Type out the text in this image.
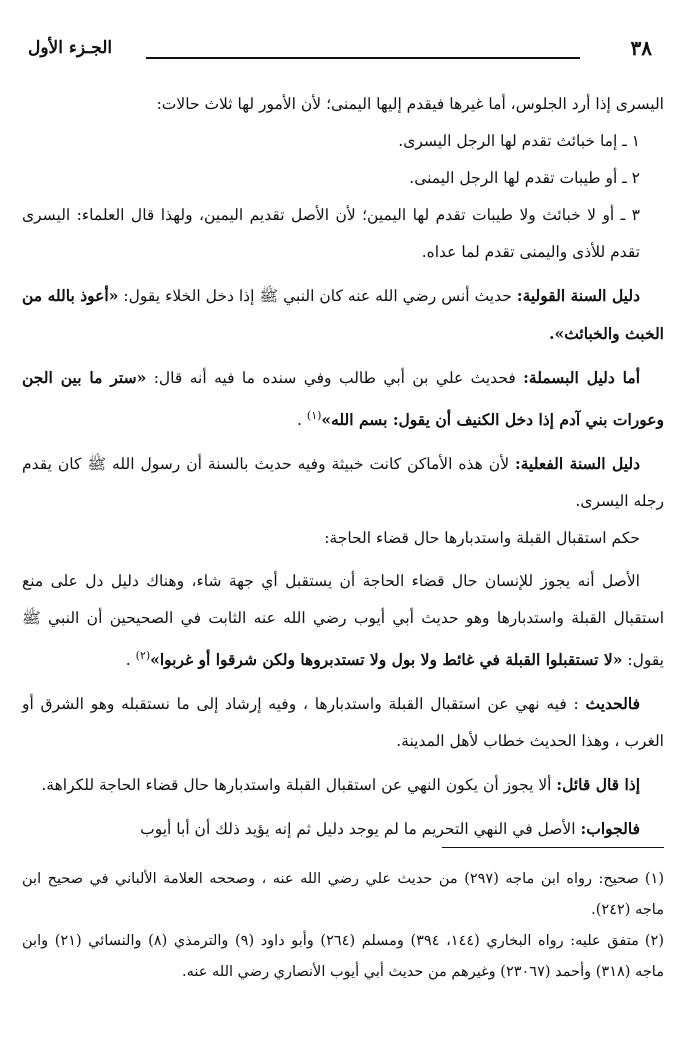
٣٨
الجـزء الأول

اليسرى إذا أرد الجلوس، أما غيرها فيقدم إليها اليمنى؛ لأن الأمور لها ثلاث حالات:

١ ـ إما خبائث تقدم لها الرجل اليسرى.

٢ ـ أو طيبات تقدم لها الرجل اليمنى.

٣ ـ أو لا خبائث ولا طيبات تقدم لها اليمين؛ لأن الأصل تقديم اليمين، ولهذا قال العلماء: اليسرى تقدم للأذى واليمنى تقدم لما عداه.

دليل السنة القولية: حديث أنس رضي الله عنه كان النبي ﷺ إذا دخل الخلاء يقول: «أعوذ بالله من الخبث والخبائث».

أما دليل البسملة: فحديث علي بن أبي طالب وفي سنده ما فيه أنه قال: «ستر ما بين الجن وعورات بني آدم إذا دخل الكنيف أن يقول: بسم الله»$^{(١)}$ .

دليل السنة الفعلية: لأن هذه الأماكن كانت خبيثة وفيه حديث بالسنة أن رسول الله ﷺ كان يقدم رجله اليسرى.

حكم استقبال القبلة واستدبارها حال قضاء الحاجة:

الأصل أنه يجوز للإنسان حال قضاء الحاجة أن يستقبل أي جهة شاء، وهناك دليل دل على منع استقبال القبلة واستدبارها وهو حديث أبي أيوب رضي الله عنه الثابت في الصحيحين أن النبي ﷺ يقول: «لا تستقبلوا القبلة في غائط ولا بول ولا تستدبروها ولكن شرقوا أو غربوا»$^{(٢)}$ .

فالحديث : فيه نهي عن استقبال القبلة واستدبارها ، وفيه إرشاد إلى ما نستقبله وهو الشرق أو الغرب ، وهذا الحديث خطاب لأهل المدينة.

إذا قال قائل: ألا يجوز أن يكون النهي عن استقبال القبلة واستدبارها حال قضاء الحاجة للكراهة.

فالجواب: الأصل في النهي التحريم ما لم يوجد دليل ثم إنه يؤيد ذلك أن أبا أيوب

(١)صحيح: رواه ابن ماجه (٢٩٧) من حديث علي رضي الله عنه ، وصححه العلامة الألباني في صحيح ابن ماجه (٢٤٢).

(٢)متفق عليه: رواه البخاري (١٤٤، ٣٩٤) ومسلم (٢٦٤) وأبو داود (٩) والترمذي (٨) والنسائي (٢١) وابن ماجه (٣١٨) وأحمد (٢٣٠٦٧) وغيرهم من حديث أبي أيوب الأنصاري رضي الله عنه.
